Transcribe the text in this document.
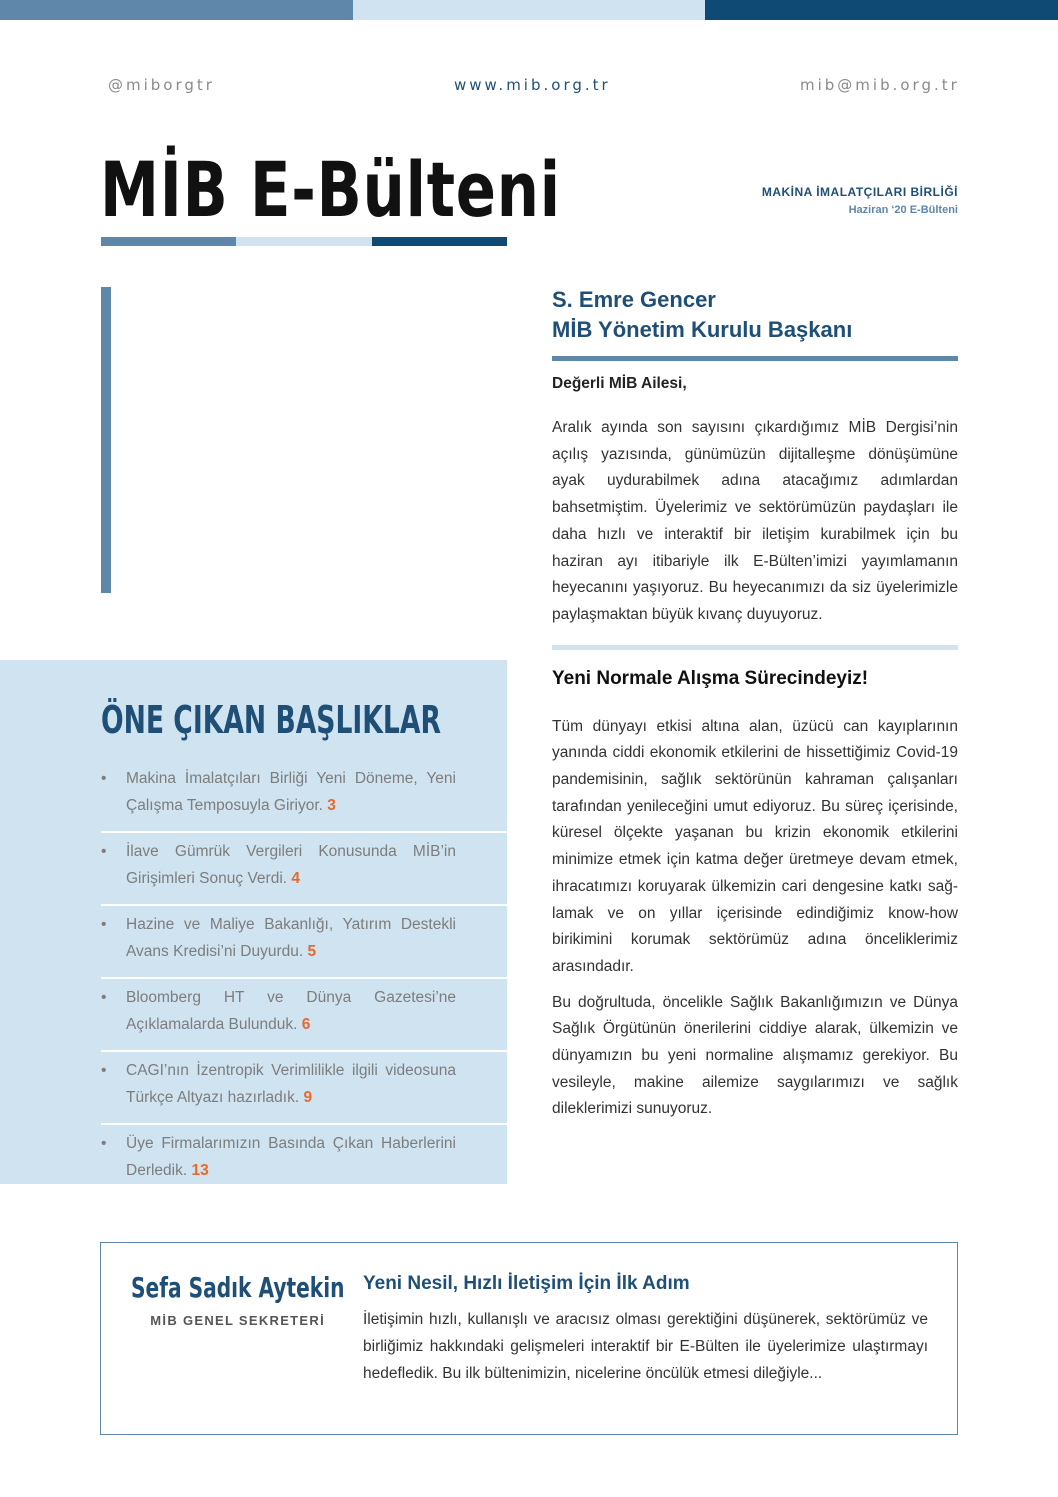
@miborgtr	www.mib.org.tr	mib@mib.org.tr
MİB E-Bülteni	MAKİNA İMALATÇILARI BİRLİĞİ
Haziran ‘20 E-Bülteni
S. Emre Gencer
MİB Yönetim Kurulu Başkanı
Değerli MİB Ailesi,

Aralık ayında son sayısını çıkardığımız MİB Dergisi’nin açılış yazısında, günümüzün dijitalleşme dönüşümüne ayak uydurabilmek adına atacağımız adımlardan bahsetmiştim. Üyelerimiz ve sektörümüzün paydaşları ile daha hızlı ve interaktif bir iletişim kurabilmek için bu haziran ayı itibariyle ilk E-Bülten’imizi yayımlamanın heyecanını yaşıyoruz. Bu heyecanımızı da siz üyelerimizle paylaşmaktan büyük kıvanç duyuyoruz.

Yeni Normale Alışma Sürecindeyiz!

Tüm dünyayı etkisi altına alan, üzücü can kayıplarının yanında ciddi ekonomik etkilerini de hissettiğimiz Covid-19 pandemisinin, sağlık sektörünün kahraman çalışanları tarafından yenileceğini umut ediyoruz. Bu süreç içerisinde, küresel ölçekte yaşanan bu krizin ekonomik etkilerini minimize etmek için katma değer üretmeye devam etmek, ihracatımızı koruyarak ülkemizin cari dengesine katkı sağlamak ve on yıllar içerisinde edindiğimiz know-how birikimini korumak sektörümüz adına önceliklerimiz arasındadır.

Bu doğrultuda, öncelikle Sağlık Bakanlığımızın ve Dünya Sağlık Örgütünün önerilerini ciddiye alarak, ülkemizin ve dünyamızın bu yeni normaline alışmamız gerekiyor. Bu vesileyle, makine ailemize saygılarımızı ve sağlık dileklerimizi sunuyoruz.

ÖNE ÇIKAN BAŞLIKLAR
• Makina İmalatçıları Birliği Yeni Döneme, Yeni Çalışma Temposuyla Giriyor. 3
• İlave Gümrük Vergileri Konusunda MİB’in Girişimleri Sonuç Verdi. 4
• Hazine ve Maliye Bakanlığı, Yatırım Destekli Avans Kredisi’ni Duyurdu. 5
• Bloomberg HT ve Dünya Gazetesi’ne Açıklamalarda Bulunduk. 6
• CAGI’nın İzentropik Verimlilikle ilgili videosuna Türkçe Altyazı hazırladık. 9
• Üye Firmalarımızın Basında Çıkan Haberlerini Derledik. 13
Sefa Sadık Aytekin
MİB GENEL SEKRETERİ
Yeni Nesil, Hızlı İletişim İçin İlk Adım

İletişimin hızlı, kullanışlı ve aracısız olması gerektiğini düşünerek, sektörümüz ve birliğimiz hakkındaki gelişmeleri interaktif bir E-Bülten ile üyelerimize ulaştırmayı hedefledik. Bu ilk bültenimizin, nicelerine öncülük etmesi dileğiyle...
